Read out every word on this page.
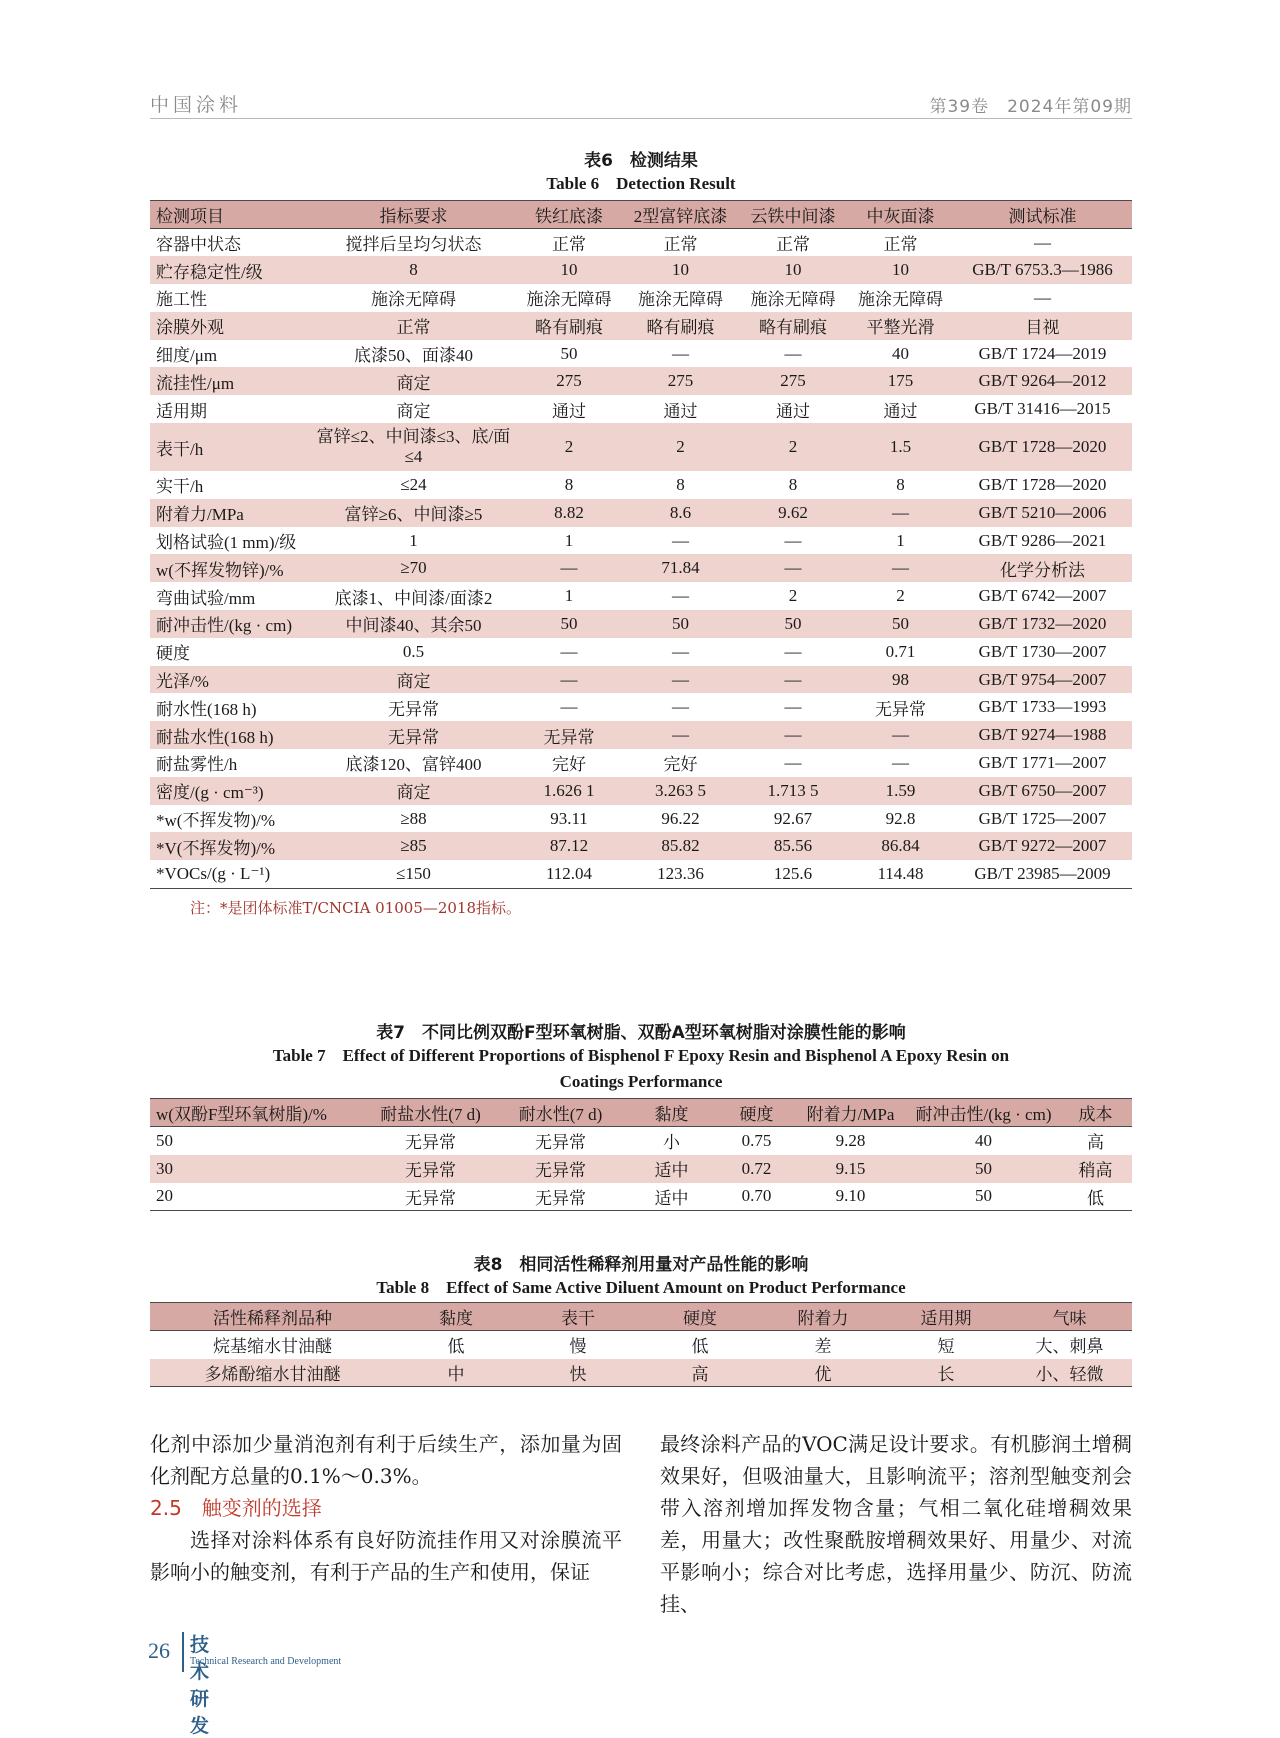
中国涂料	第39卷　2024年第09期
表6　检测结果
Table 6　Detection Result
检测项目	指标要求	铁红底漆	2型富锌底漆	云铁中间漆	中灰面漆	测试标准
容器中状态	搅拌后呈均匀状态	正常	正常	正常	正常	—
贮存稳定性/级	8	10	10	10	10	GB/T 6753.3—1986
施工性	施涂无障碍	施涂无障碍	施涂无障碍	施涂无障碍	施涂无障碍	—
涂膜外观	正常	略有刷痕	略有刷痕	略有刷痕	平整光滑	目视
细度/μm	底漆50、面漆40	50	—	—	40	GB/T 1724—2019
流挂性/μm	商定	275	275	275	175	GB/T 9264—2012
适用期	商定	通过	通过	通过	通过	GB/T 31416—2015
表干/h	富锌≤2、中间漆≤3、底/面≤4	2	2	2	1.5	GB/T 1728—2020
实干/h	≤24	8	8	8	8	GB/T 1728—2020
附着力/MPa	富锌≥6、中间漆≥5	8.82	8.6	9.62	—	GB/T 5210—2006
划格试验(1 mm)/级	1	1	—	—	1	GB/T 9286—2021
w(不挥发物锌)/%	≥70	—	71.84	—	—	化学分析法
弯曲试验/mm	底漆1、中间漆/面漆2	1	—	2	2	GB/T 6742—2007
耐冲击性/(kg · cm)	中间漆40、其余50	50	50	50	50	GB/T 1732—2020
硬度	0.5	—	—	—	0.71	GB/T 1730—2007
光泽/%	商定	—	—	—	98	GB/T 9754—2007
耐水性(168 h)	无异常	—	—	—	无异常	GB/T 1733—1993
耐盐水性(168 h)	无异常	无异常	—	—	—	GB/T 9274—1988
耐盐雾性/h	底漆120、富锌400	完好	完好	—	—	GB/T 1771—2007
密度/(g · cm⁻³)	商定	1.626 1	3.263 5	1.713 5	1.59	GB/T 6750—2007
*w(不挥发物)/%	≥88	93.11	96.22	92.67	92.8	GB/T 1725—2007
*V(不挥发物)/%	≥85	87.12	85.82	85.56	86.84	GB/T 9272—2007
*VOCs/(g · L⁻¹)	≤150	112.04	123.36	125.6	114.48	GB/T 23985—2009
注：*是团体标准T/CNCIA 01005—2018指标。
表7　不同比例双酚F型环氧树脂、双酚A型环氧树脂对涂膜性能的影响
Table 7　Effect of Different Proportions of Bisphenol F Epoxy Resin and Bisphenol A Epoxy Resin on
Coatings Performance
w(双酚F型环氧树脂)/%	耐盐水性(7 d)	耐水性(7 d)	黏度	硬度	附着力/MPa	耐冲击性/(kg · cm)	成本
50	无异常	无异常	小	0.75	9.28	40	高
30	无异常	无异常	适中	0.72	9.15	50	稍高
20	无异常	无异常	适中	0.70	9.10	50	低
表8　相同活性稀释剂用量对产品性能的影响
Table 8　Effect of Same Active Diluent Amount on Product Performance
活性稀释剂品种	黏度	表干	硬度	附着力	适用期	气味
烷基缩水甘油醚	低	慢	低	差	短	大、刺鼻
多烯酚缩水甘油醚	中	快	高	优	长	小、轻微
化剂中添加少量消泡剂有利于后续生产，添加量为固化剂配方总量的0.1%～0.3%。
2.5　触变剂的选择
选择对涂料体系有良好防流挂作用又对涂膜流平影响小的触变剂，有利于产品的生产和使用，保证
最终涂料产品的VOC满足设计要求。有机膨润土增稠效果好，但吸油量大，且影响流平；溶剂型触变剂会带入溶剂增加挥发物含量；气相二氧化硅增稠效果差，用量大；改性聚酰胺增稠效果好、用量少、对流平影响小；综合对比考虑，选择用量少、防沉、防流挂、
26 技术研发
Technical Research and Development
